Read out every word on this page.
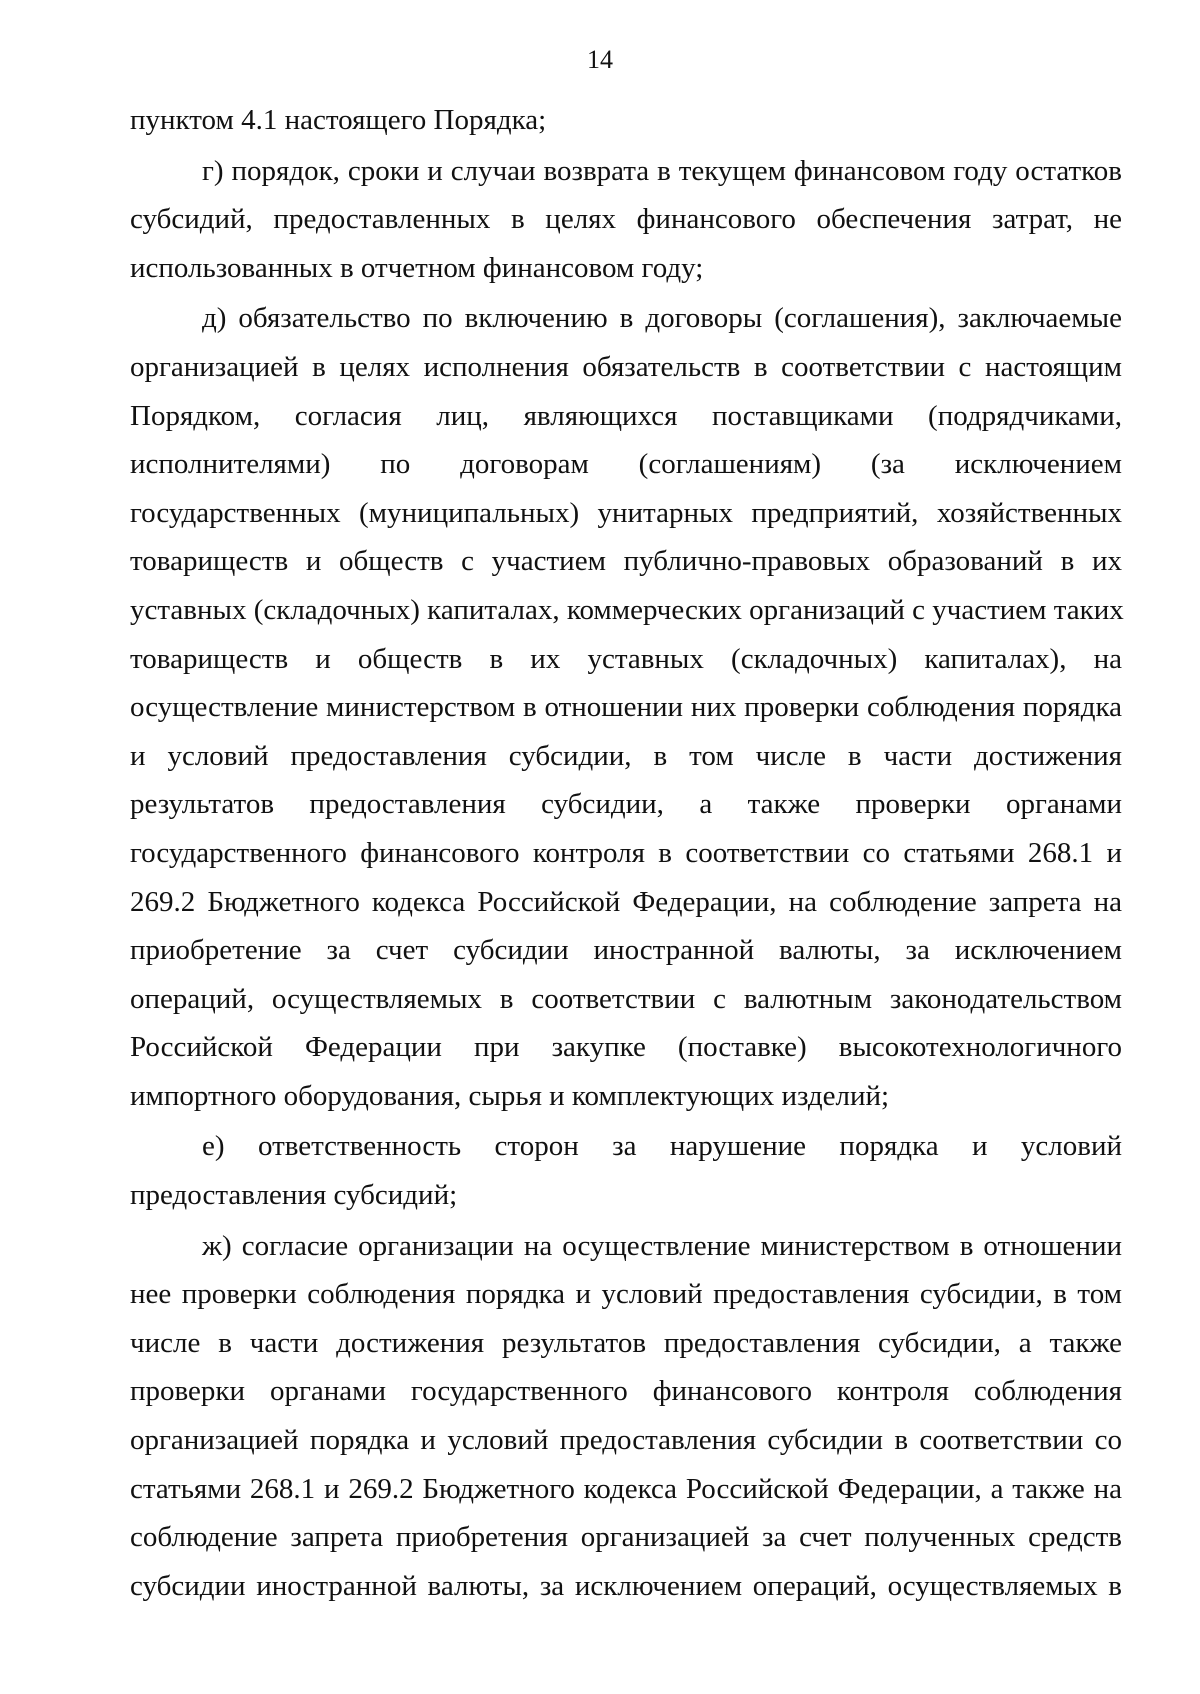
14
пунктом 4.1 настоящего Порядка;
г) порядок, сроки и случаи возврата в текущем финансовом году остатков
субсидий, предоставленных в целях финансового обеспечения затрат, не
использованных в отчетном финансовом году;
д) обязательство по включению в договоры (соглашения), заключаемые
организацией в целях исполнения обязательств в соответствии с настоящим
Порядком, согласия лиц, являющихся поставщиками (подрядчиками,
исполнителями) по договорам (соглашениям) (за исключением
государственных (муниципальных) унитарных предприятий, хозяйственных
товариществ и обществ с участием публично-правовых образований в их
уставных (складочных) капиталах, коммерческих организаций с участием таких
товариществ и обществ в их уставных (складочных) капиталах), на
осуществление министерством в отношении них проверки соблюдения порядка
и условий предоставления субсидии, в том числе в части достижения
результатов предоставления субсидии, а также проверки органами
государственного финансового контроля в соответствии со статьями 268.1 и
269.2 Бюджетного кодекса Российской Федерации, на соблюдение запрета на
приобретение за счет субсидии иностранной валюты, за исключением
операций, осуществляемых в соответствии с валютным законодательством
Российской Федерации при закупке (поставке) высокотехнологичного
импортного оборудования, сырья и комплектующих изделий;
е) ответственность сторон за нарушение порядка и условий
предоставления субсидий;
ж) согласие организации на осуществление министерством в отношении
нее проверки соблюдения порядка и условий предоставления субсидии, в том
числе в части достижения результатов предоставления субсидии, а также
проверки органами государственного финансового контроля соблюдения
организацией порядка и условий предоставления субсидии в соответствии со
статьями 268.1 и 269.2 Бюджетного кодекса Российской Федерации, а также на
соблюдение запрета приобретения организацией за счет полученных средств
субсидии иностранной валюты, за исключением операций, осуществляемых в
